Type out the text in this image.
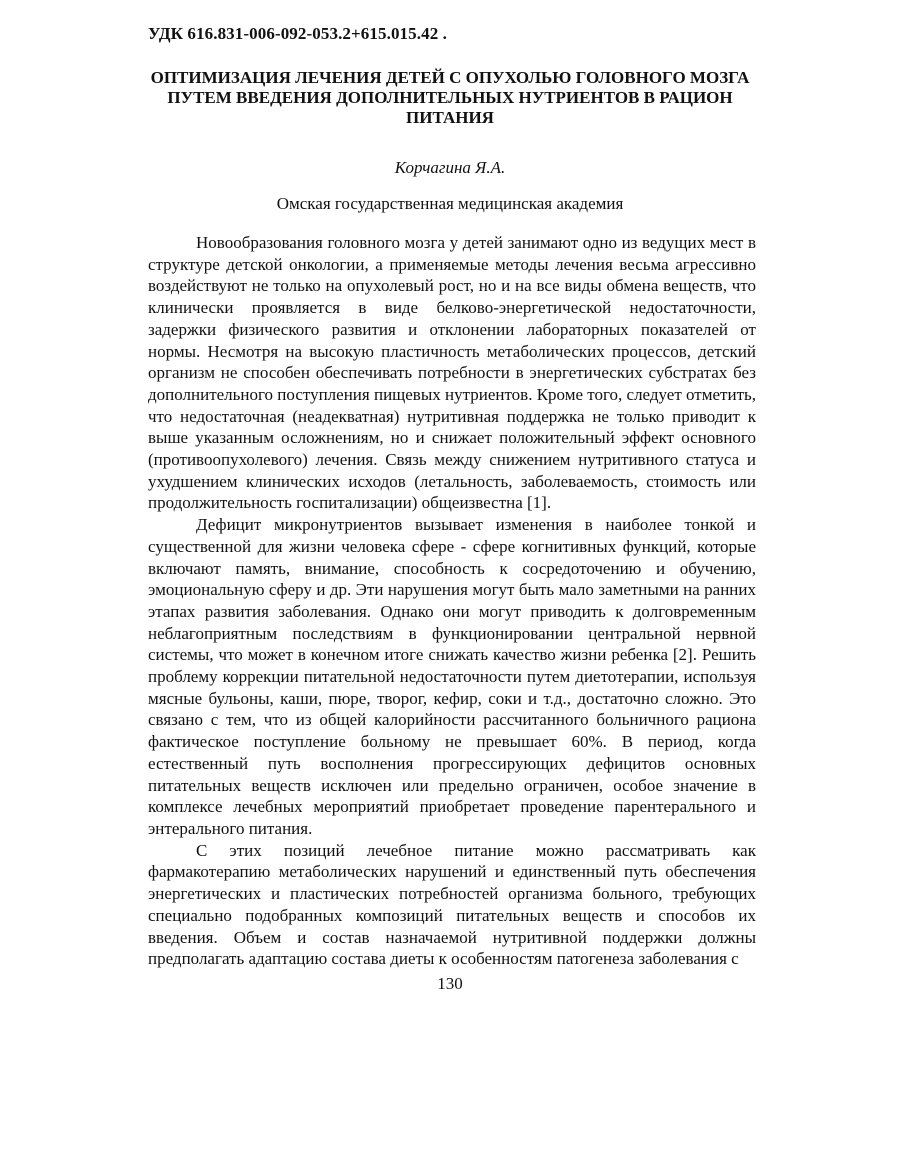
УДК 616.831-006-092-053.2+615.015.42 .
ОПТИМИЗАЦИЯ ЛЕЧЕНИЯ ДЕТЕЙ С ОПУХОЛЬЮ ГОЛОВНОГО МОЗГА ПУТЕМ ВВЕДЕНИЯ ДОПОЛНИТЕЛЬНЫХ НУТРИЕНТОВ В РАЦИОН ПИТАНИЯ
Корчагина Я.А.
Омская государственная медицинская академия

Новообразования головного мозга у детей занимают одно из ведущих мест в структуре детской онкологии, а применяемые методы лечения весьма агрессивно воздействуют не только на опухолевый рост, но и на все виды обмена веществ, что клинически проявляется в виде белково-энергетической недостаточности, задержки физического развития и отклонении лабораторных показателей от нормы. Несмотря на высокую пластичность метаболических процессов, детский организм не способен обеспечивать потребности в энергетических субстратах без дополнительного поступления пищевых нутриентов. Кроме того, следует отметить, что недостаточная (неадекватная) нутритивная поддержка не только приводит к выше указанным осложнениям, но и снижает положительный эффект основного (противоопухолевого) лечения. Связь между снижением нутритивного статуса и ухудшением клинических исходов (летальность, заболеваемость, стоимость или продолжительность госпитализации) общеизвестна [1].

Дефицит микронутриентов вызывает изменения в наиболее тонкой и существенной для жизни человека сфере - сфере когнитивных функций, которые включают память, внимание, способность к сосредоточению и обучению, эмоциональную сферу и др. Эти нарушения могут быть мало заметными на ранних этапах развития заболевания. Однако они могут приводить к долговременным неблагоприятным последствиям в функционировании центральной нервной системы, что может в конечном итоге снижать качество жизни ребенка [2]. Решить проблему коррекции питательной недостаточности путем диетотерапии, используя мясные бульоны, каши, пюре, творог, кефир, соки и т.д., достаточно сложно. Это связано с тем, что из общей калорийности рассчитанного больничного рациона фактическое поступление больному не превышает 60%. В период, когда естественный путь восполнения прогрессирующих дефицитов основных питательных веществ исключен или предельно ограничен, особое значение в комплексе лечебных мероприятий приобретает проведение парентерального и энтерального питания.

С этих позиций лечебное питание можно рассматривать как фармакотерапию метаболических нарушений и единственный путь обеспечения энергетических и пластических потребностей организма больного, требующих специально подобранных композиций питательных веществ и способов их введения. Объем и состав назначаемой нутритивной поддержки должны предполагать адаптацию состава диеты к особенностям патогенеза заболевания с

130
